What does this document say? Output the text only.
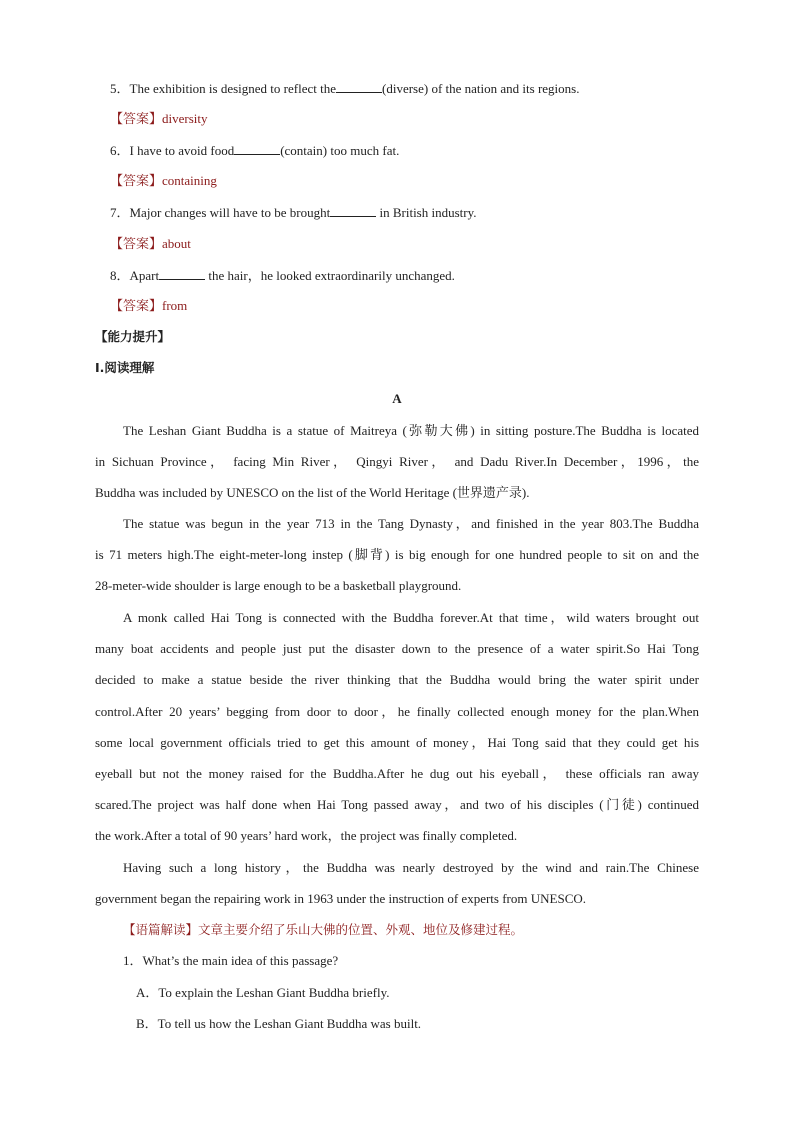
5．The exhibition is designed to reflect the	(diverse) of the nation and its regions.
【答案】diversity
6．I have to avoid food	(contain) too much fat.
【答案】containing
7．Major changes will have to be brought	in British industry.
【答案】about
8．Apart	the hair，he looked extraordinarily unchanged.
【答案】from
【能力提升】
Ⅰ.阅读理解
A
The Leshan Giant Buddha is a statue of Maitreya (弥勒大佛) in sitting posture.The Buddha is located
in Sichuan Province， facing Min River， Qingyi River， and Dadu River.In December，1996，the
Buddha was included by UNESCO on the list of the World Heritage (世界遗产录).
The statue was begun in the year 713 in the Tang Dynasty，and finished in the year 803.The Buddha
is 71 meters high.The eight-meter-long instep (脚背) is big enough for one hundred people to sit on and the
28-meter-wide shoulder is large enough to be a basketball playground.
A monk called Hai Tong is connected with the Buddha forever.At that time，wild waters brought out
many boat accidents and people just put the disaster down to the presence of a water spirit.So Hai Tong
decided to make a statue beside the river thinking that the Buddha would bring the water spirit under
control.After 20 years’ begging from door to door，he finally collected enough money for the plan.When
some local government officials tried to get this amount of money，Hai Tong said that they could get his
eyeball but not the money raised for the Buddha.After he dug out his eyeball， these officials ran away
scared.The project was half done when Hai Tong passed away，and two of his disciples (门徒) continued
the work.After a total of 90 years’ hard work，the project was finally completed.
Having such a long history，the Buddha was nearly destroyed by the wind and rain.The Chinese
government began the repairing work in 1963 under the instruction of experts from UNESCO.
【语篇解读】文章主要介绍了乐山大佛的位置、外观、地位及修建过程。
1．What’s the main idea of this passage?
A．To explain the Leshan Giant Buddha briefly.
B．To tell us how the Leshan Giant Buddha was built.
